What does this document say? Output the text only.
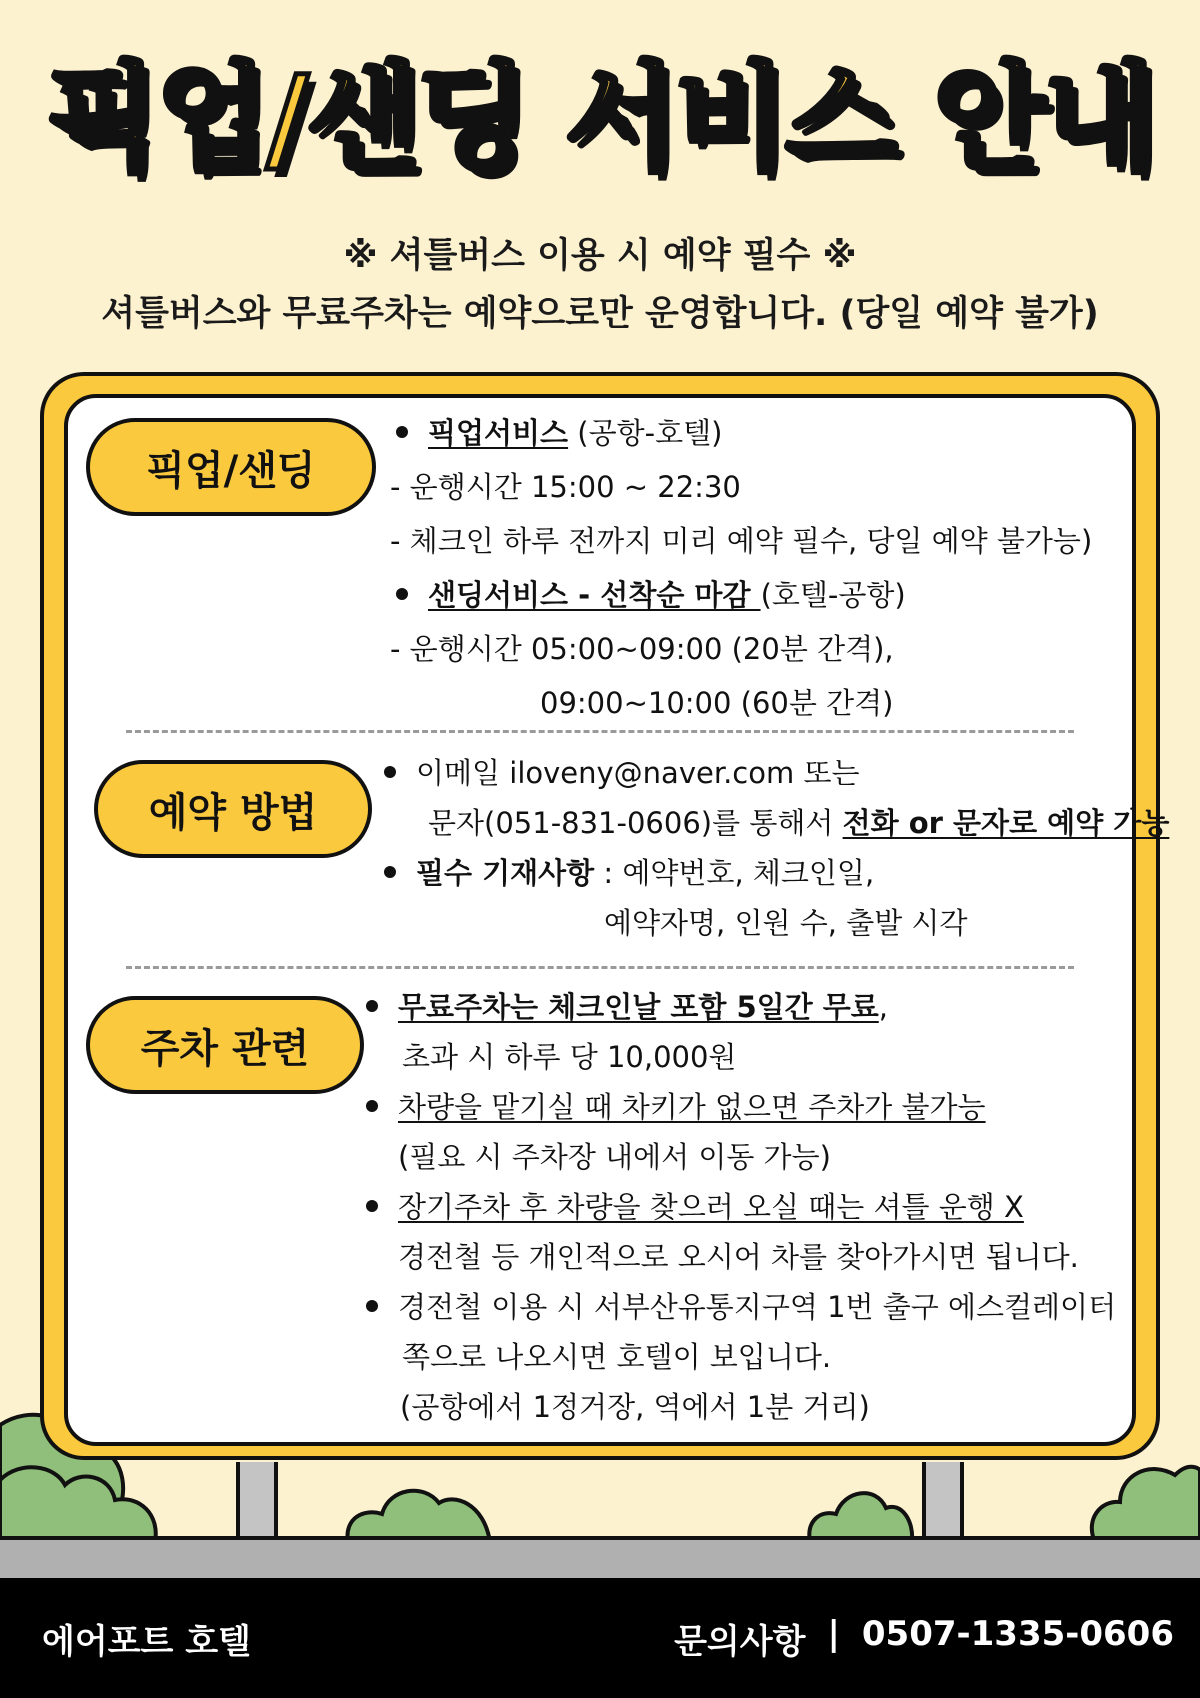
픽업/샌딩 서비스 안내
※ 셔틀버스 이용 시 예약 필수 ※
셔틀버스와 무료주차는 예약으로만 운영합니다. (당일 예약 불가)
픽업/샌딩
픽업서비스 (공항-호텔)
- 운행시간 15:00 ~ 22:30
- 체크인 하루 전까지 미리 예약 필수, 당일 예약 불가능)
샌딩서비스 - 선착순 마감 (호텔-공항)
- 운행시간 05:00~09:00 (20분 간격),
09:00~10:00 (60분 간격)
예약 방법
이메일 iloveny@naver.com 또는
문자(051-831-0606)를 통해서 전화 or 문자로 예약 가능
필수 기재사항 : 예약번호, 체크인일,
예약자명, 인원 수, 출발 시각
주차 관련
무료주차는 체크인날 포함 5일간 무료,
초과 시 하루 당 10,000원
차량을 맡기실 때 차키가 없으면 주차가 불가능
(필요 시 주차장 내에서 이동 가능)
장기주차 후 차량을 찾으러 오실 때는 셔틀 운행 X
경전철 등 개인적으로 오시어 차를 찾아가시면 됩니다.
경전철 이용 시 서부산유통지구역 1번 출구 에스컬레이터
쪽으로 나오시면 호텔이 보입니다.
(공항에서 1정거장, 역에서 1분 거리)
에어포트 호텔	문의사항 | 0507-1335-0606
